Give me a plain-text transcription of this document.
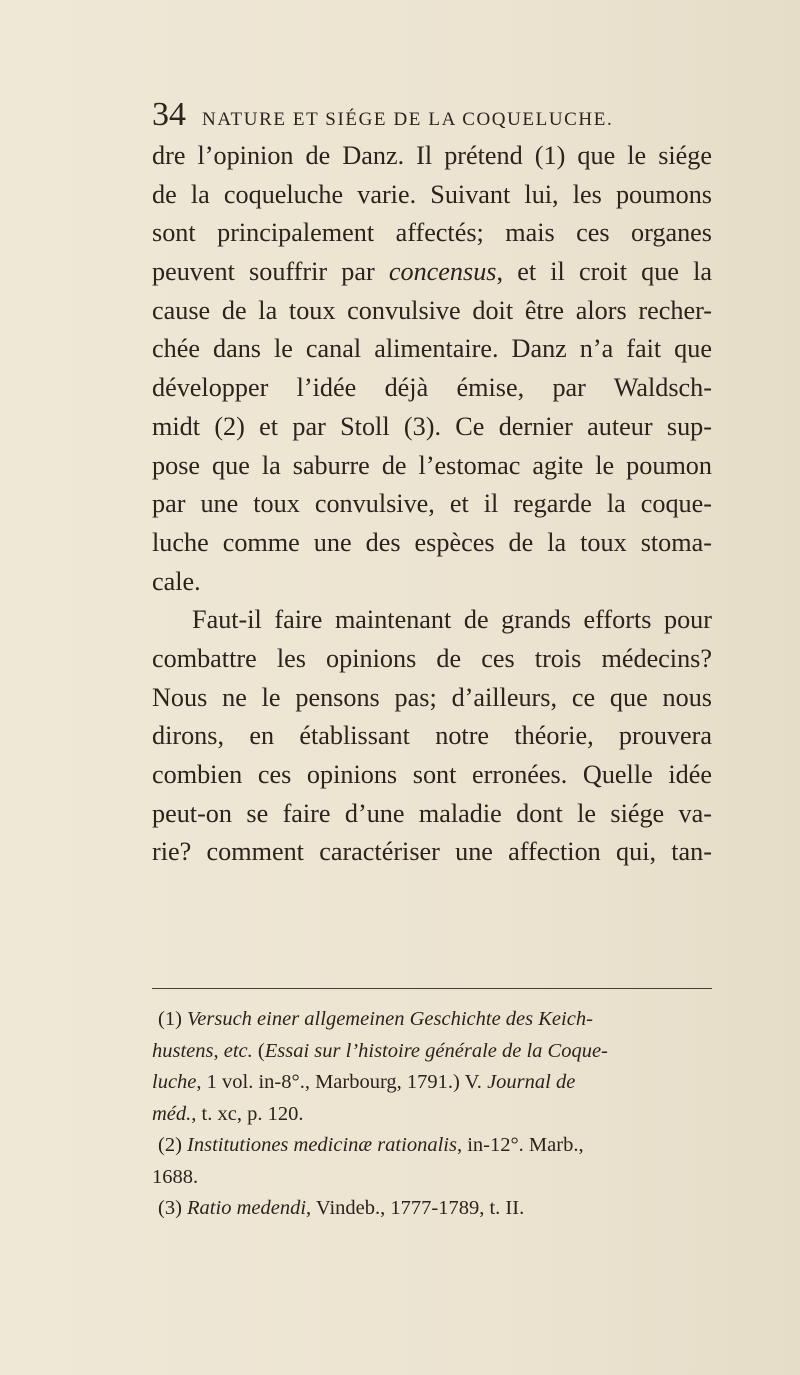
34 NATURE ET SIÉGE DE LA COQUELUCHE.
dre l’opinion de Danz. Il prétend (1) que le siége
de la coqueluche varie. Suivant lui, les poumons
sont principalement affectés; mais ces organes
peuvent souffrir par concensus, et il croit que la
cause de la toux convulsive doit être alors recher-
chée dans le canal alimentaire. Danz n’a fait que
développer l’idée déjà émise, par Waldsch-
midt (2) et par Stoll (3). Ce dernier auteur sup-
pose que la saburre de l’estomac agite le poumon
par une toux convulsive, et il regarde la coque-
luche comme une des espèces de la toux stoma-
cale.
Faut-il faire maintenant de grands efforts pour
combattre les opinions de ces trois médecins?
Nous ne le pensons pas; d’ailleurs, ce que nous
dirons, en établissant notre théorie, prouvera
combien ces opinions sont erronées. Quelle idée
peut-on se faire d’une maladie dont le siége va-
rie? comment caractériser une affection qui, tan-
(1) Versuch einer allgemeinen Geschichte des Keich-
hustens, etc. (Essai sur l’histoire générale de la Coque-
luche, 1 vol. in-8°., Marbourg, 1791.) V. Journal de
méd., t. xc, p. 120.
(2) Institutiones medicinæ rationalis, in-12°. Marb.,
1688.
(3) Ratio medendi, Vindeb., 1777-1789, t. II.
